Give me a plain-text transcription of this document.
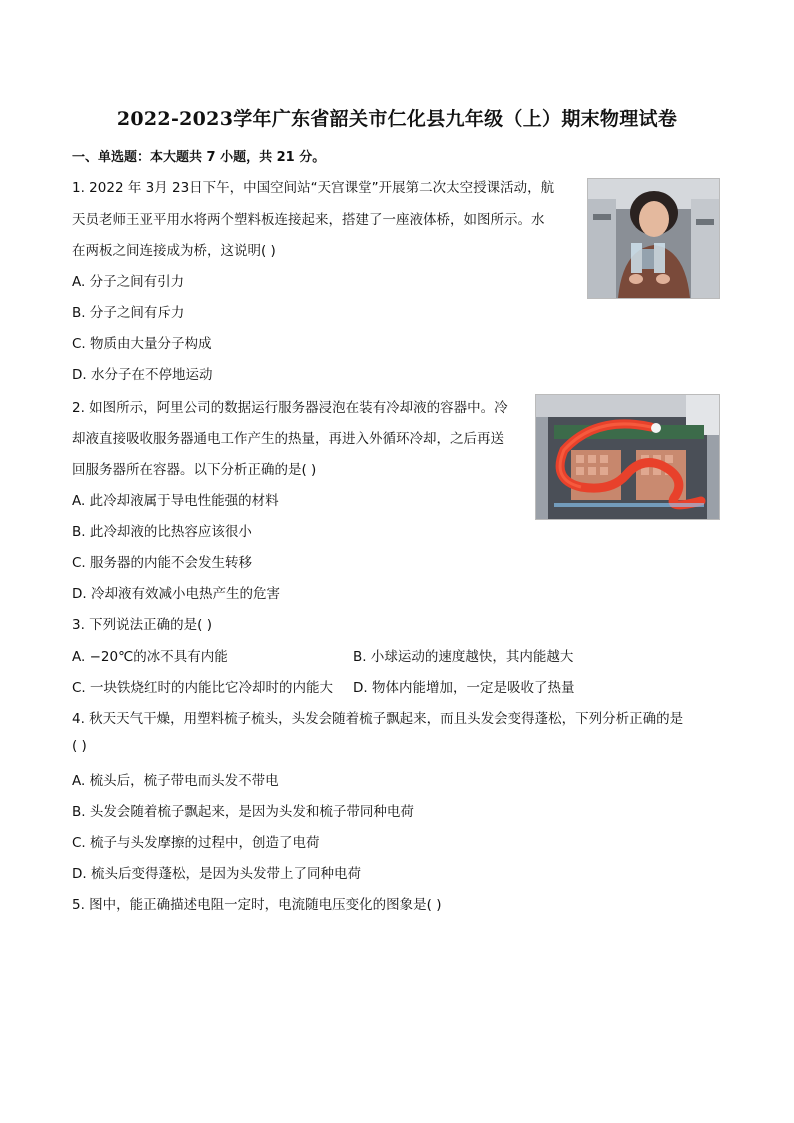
2022-2023学年广东省韶关市仁化县九年级（上）期末物理试卷
一、单选题：本大题共 7 小题，共 21 分。
1. 2022 年 3月 23日下午，中国空间站“天宫课堂”开展第二次太空授课活动，航
天员老师王亚平用水将两个塑料板连接起来，搭建了一座液体桥，如图所示。水
在两板之间连接成为桥，这说明( )
A. 分子之间有引力
B. 分子之间有斥力
C. 物质由大量分子构成
D. 水分子在不停地运动
2. 如图所示，阿里公司的数据运行服务器浸泡在装有冷却液的容器中。冷
却液直接吸收服务器通电工作产生的热量，再进入外循环冷却，之后再送
回服务器所在容器。以下分析正确的是( )
A. 此冷却液属于导电性能强的材料
B. 此冷却液的比热容应该很小
C. 服务器的内能不会发生转移
D. 冷却液有效减小电热产生的危害
3. 下列说法正确的是( )
A. −20℃的冰不具有内能	B. 小球运动的速度越快，其内能越大
C. 一块铁烧红时的内能比它冷却时的内能大 D. 物体内能增加，一定是吸收了热量
4. 秋天天气干燥，用塑料梳子梳头，头发会随着梳子飘起来，而且头发会变得蓬松，下列分析正确的是
( )
A. 梳头后，梳子带电而头发不带电
B. 头发会随着梳子飘起来，是因为头发和梳子带同种电荷
C. 梳子与头发摩擦的过程中，创造了电荷
D. 梳头后变得蓬松，是因为头发带上了同种电荷
5. 图中，能正确描述电阻一定时，电流随电压变化的图象是( )
